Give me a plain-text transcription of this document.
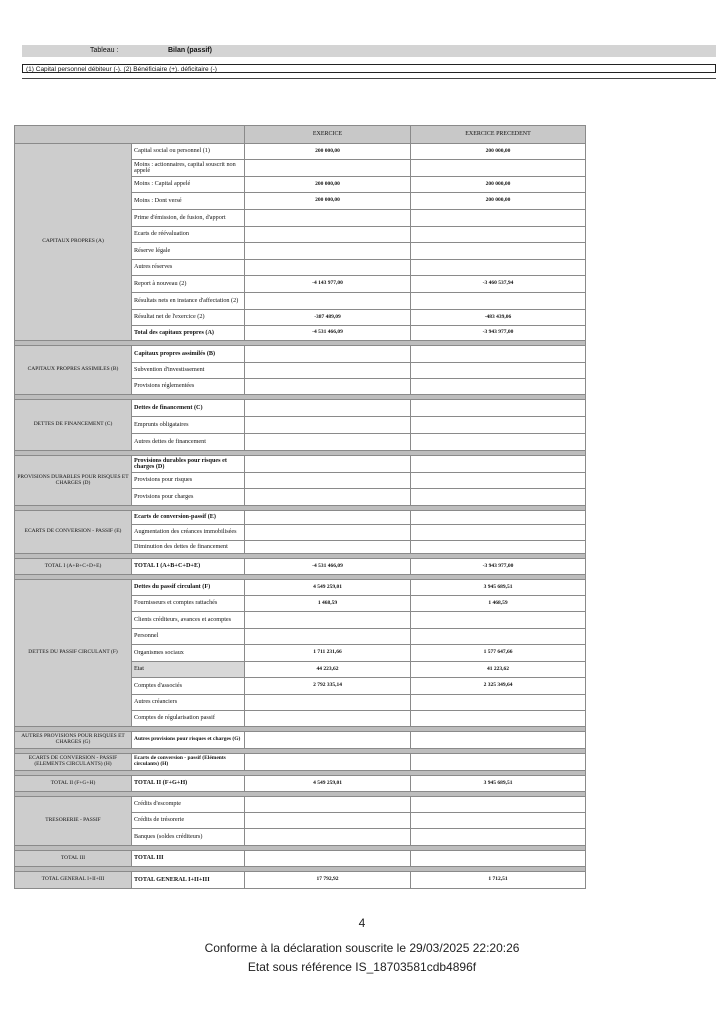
Tableau :	Bilan (passif)
(1) Capital personnel débiteur (-). (2) Bénéficiaire (+). déficitaire (-)
		EXERCICE	EXERCICE PRECEDENT
CAPITAUX PROPRES (A)	Capital social ou personnel (1)	200 000,00	200 000,00
	Moins : actionnaires, capital souscrit non appelé		
	Moins : Capital appelé	200 000,00	200 000,00
	Moins : Dont versé	200 000,00	200 000,00
	Prime d'émission, de fusion, d'apport		
	Ecarts de réévaluation		
	Réserve légale		
	Autres réserves		
	Report à nouveau (2)	-4 143 977,00	-3 460 537,94
	Résultats nets en instance d'affectation (2)		
	Résultat net de l'exercice (2)	-387 489,09	-483 439,06
	Total des capitaux propres (A)	-4 531 466,09	-3 943 977,00

CAPITAUX PROPRES ASSIMILES (B)	Capitaux propres assimilés (B)		
	Subvention d'investissement		
	Provisions réglementées		

DETTES DE FINANCEMENT (C)	Dettes de financement (C)		
	Emprunts obligataires		
	Autres dettes de financement		

PROVISIONS DURABLES POUR RISQUES ET CHARGES (D)	Provisions durables pour risques et charges (D)		
	Provisions pour risques		
	Provisions pour charges		

ECARTS DE CONVERSION - PASSIF (E)	Ecarts de conversion-passif (E)		
	Augmentation des créances immobilisées		
	Diminution des dettes de financement		

TOTAL I (A+B+C+D+E)	TOTAL I (A+B+C+D+E)	-4 531 466,09	-3 943 977,00

DETTES DU PASSIF CIRCULANT (F)	Dettes du passif circulant (F)	4 549 259,01	3 945 689,51
	Fournisseurs et comptes rattachés	1 468,59	1 468,59
	Clients créditeurs, avances et acomptes		
	Personnel		
	Organismes sociaux	1 711 231,66	1 577 647,66
	Etat	44 223,62	41 223,62
	Comptes d'associés	2 792 335,14	2 325 349,64
	Autres créanciers		
	Comptes de régularisation passif		

AUTRES PROVISIONS POUR RISQUES ET CHARGES (G)	Autres provisions pour risques et charges (G)		

ECARTS DE CONVERSION - PASSIF (ELEMENTS CIRCULANTS) (H)	Ecarts de conversion - passif (Eléments circulants) (H)		

TOTAL II (F+G+H)	TOTAL II (F+G+H)	4 549 259,01	3 945 689,51

TRESORERIE - PASSIF	Crédits d'escompte		
	Crédits de trésorerie		
	Banques (soldes créditeurs)		

TOTAL III	TOTAL III		

TOTAL GENERAL I+II+III	TOTAL GENERAL I+II+III	17 792,92	1 712,51
4
Conforme à la déclaration souscrite le 29/03/2025 22:20:26
Etat sous référence IS_18703581cdb4896f
